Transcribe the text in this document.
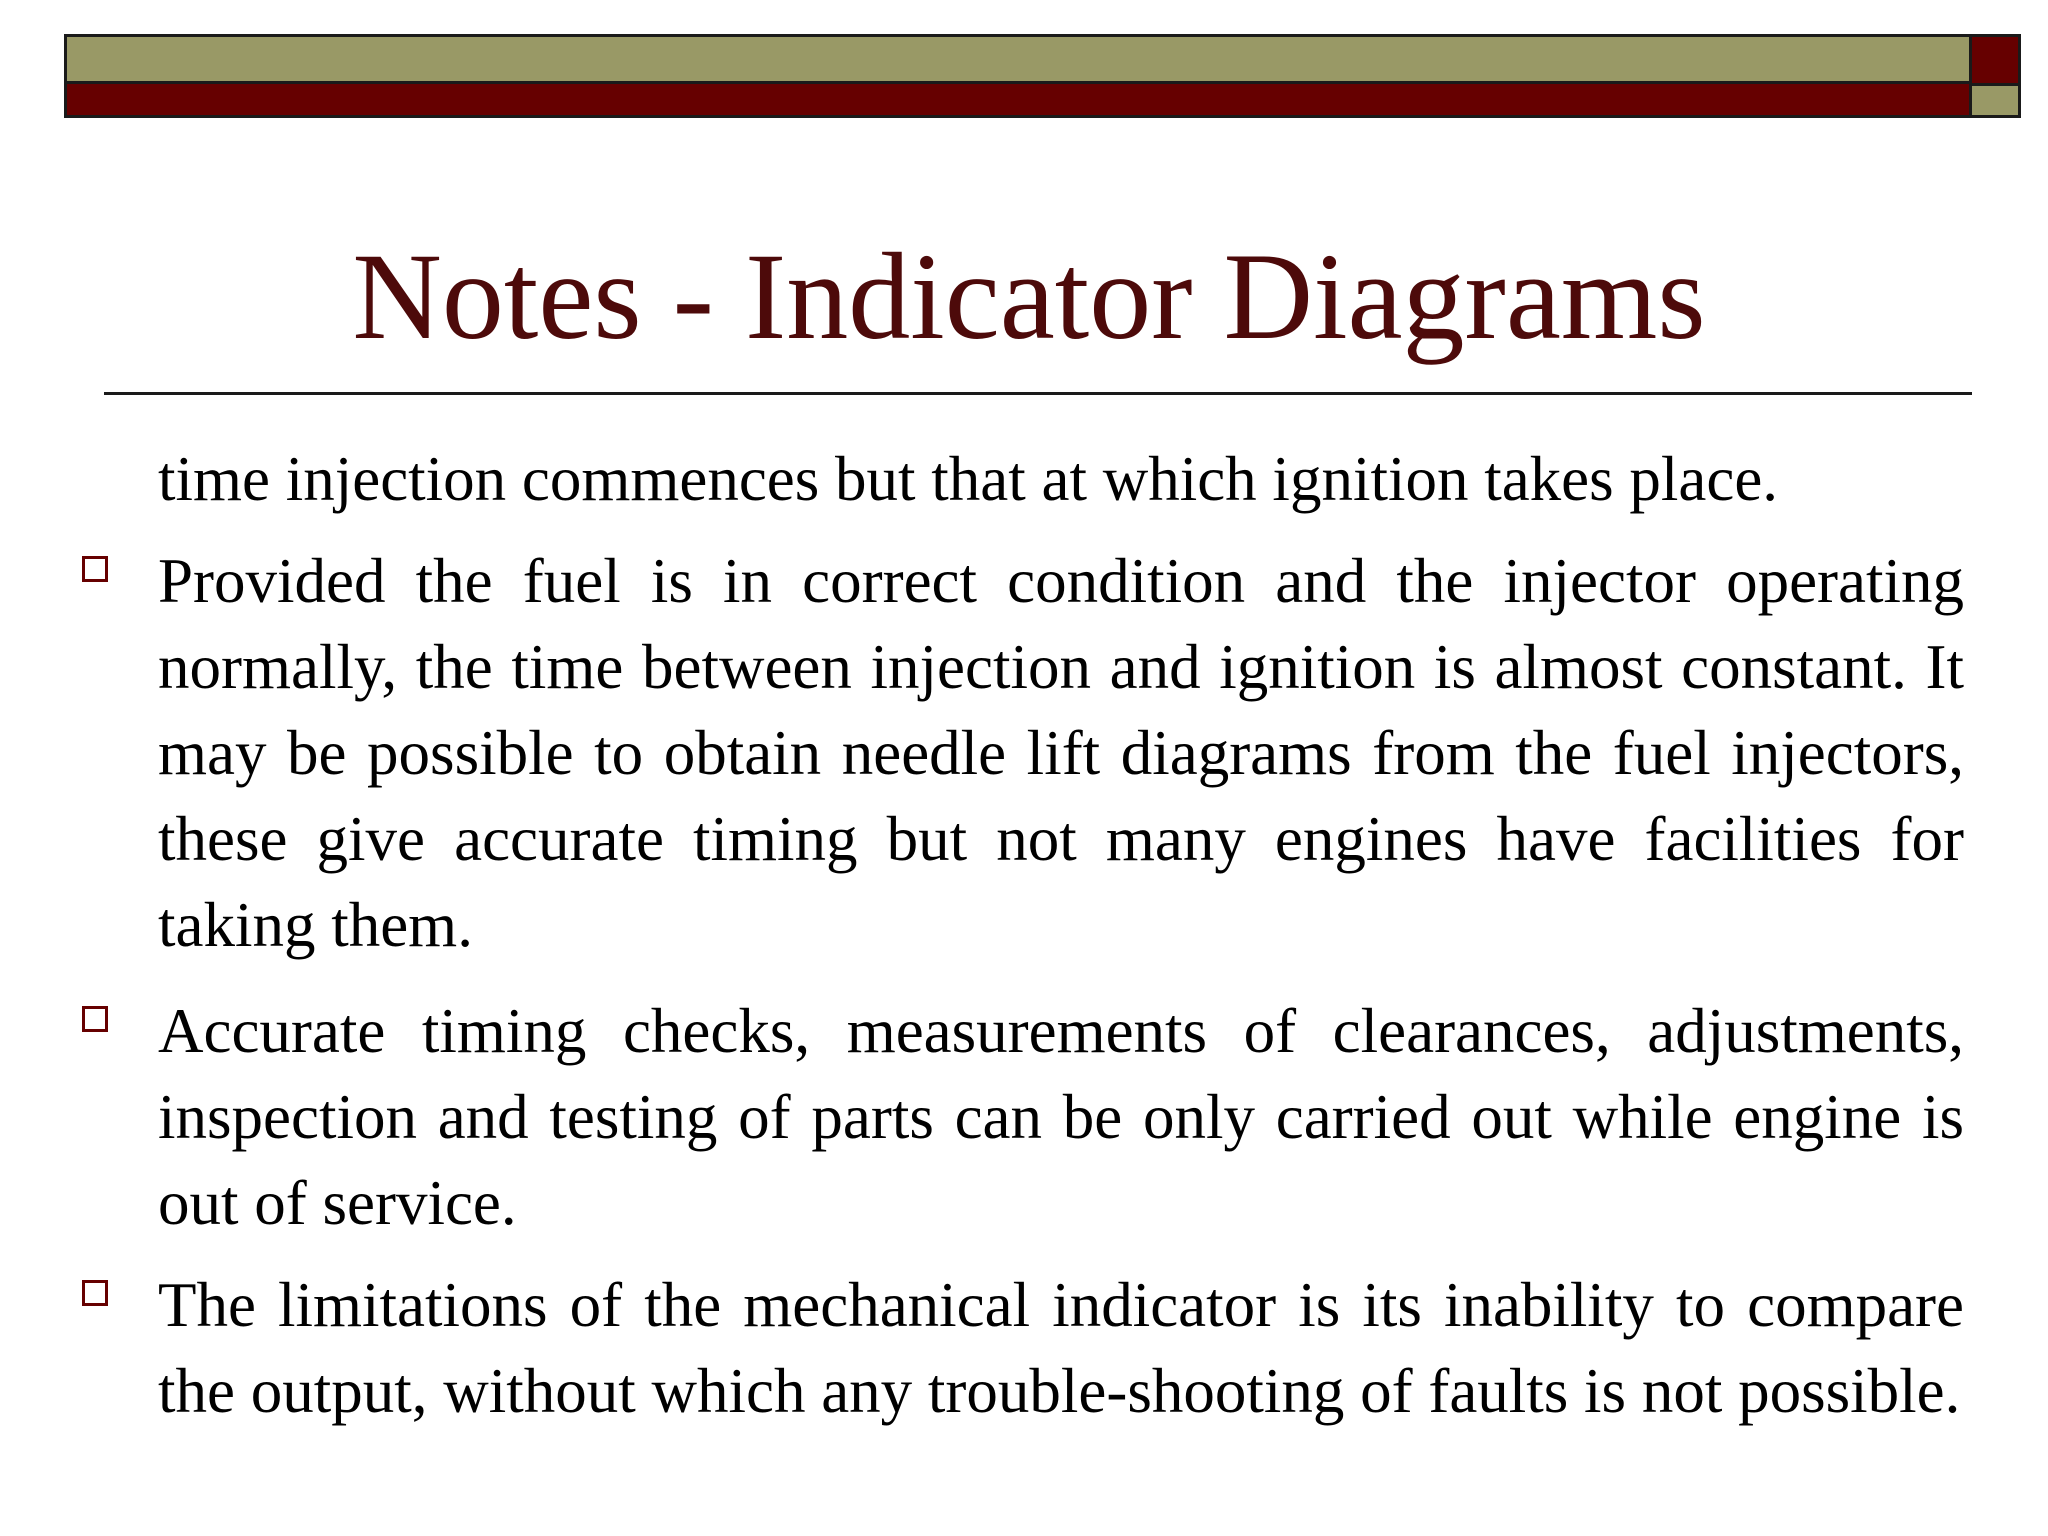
Notes - Indicator Diagrams
time injection commences but that at which ignition takes place.
Provided the fuel is in correct condition and the injector operating normally, the time between injection and ignition is almost constant. It may be possible to obtain needle lift diagrams from the fuel injectors, these give accurate timing but not many engines have facilities for taking them.
Accurate timing checks, measurements of clearances, adjustments, inspection and testing of parts can be only carried out while engine is out of service.
The limitations of the mechanical indicator is its inability to compare the output, without which any trouble-shooting of faults is not possible.
